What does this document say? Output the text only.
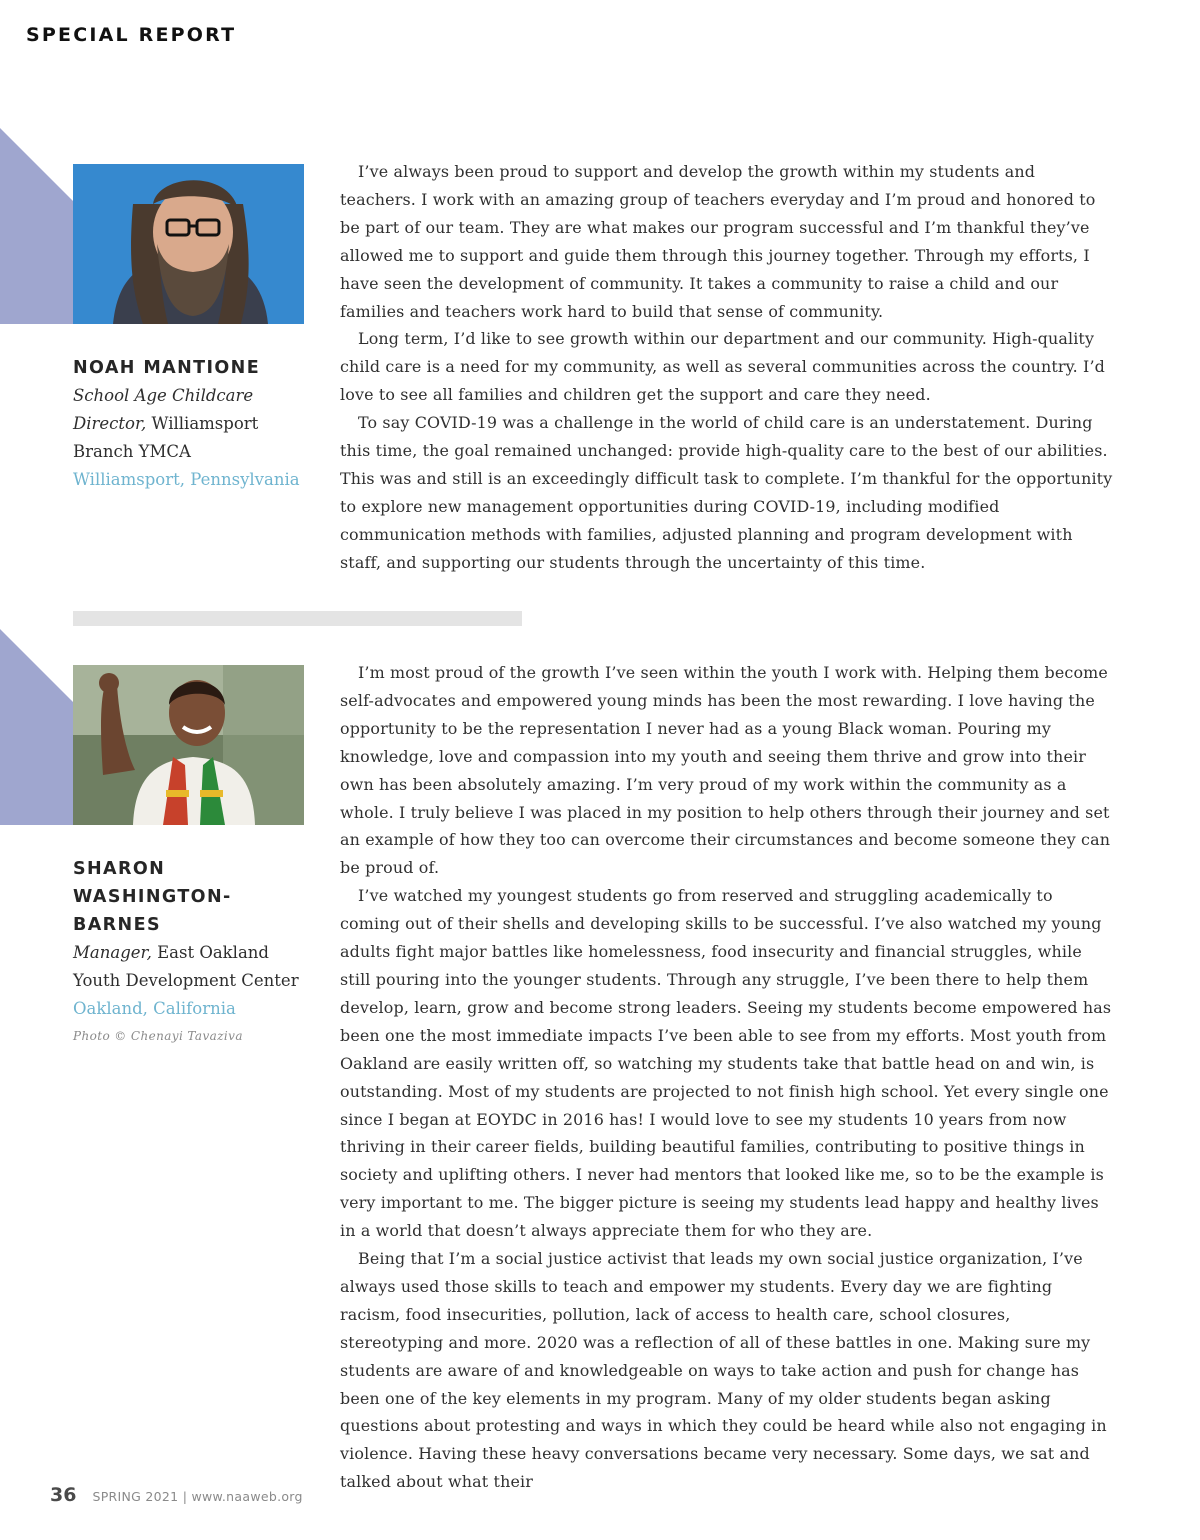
SPECIAL REPORT
NOAH MANTIONE
School Age Childcare
Director, Williamsport
Branch YMCA
Williamsport, Pennsylvania

I’ve always been proud to support and develop the growth within my students and teachers. I work with an amazing group of teachers everyday and I’m proud and honored to be part of our team. They are what makes our program successful and I’m thankful they’ve allowed me to support and guide them through this journey together. Through my efforts, I have seen the development of community. It takes a community to raise a child and our families and teachers work hard to build that sense of community.

Long term, I’d like to see growth within our department and our community. High-quality child care is a need for my community, as well as several communities across the country. I’d love to see all families and children get the support and care they need.

To say COVID-19 was a challenge in the world of child care is an understatement. During this time, the goal remained unchanged: provide high-quality care to the best of our abilities. This was and still is an exceedingly difficult task to complete. I’m thankful for the opportunity to explore new management opportunities during COVID-19, including modified communication methods with families, adjusted planning and program development with staff, and supporting our students through the uncertainty of this time.

SHARON
WASHINGTON-BARNES
Manager, East Oakland
Youth Development Center
Oakland, California
Photo © Chenayi Tavaziva

I’m most proud of the growth I’ve seen within the youth I work with. Helping them become self-advocates and empowered young minds has been the most rewarding. I love having the opportunity to be the representation I never had as a young Black woman. Pouring my knowledge, love and compassion into my youth and seeing them thrive and grow into their own has been absolutely amazing. I’m very proud of my work within the community as a whole. I truly believe I was placed in my position to help others through their journey and set an example of how they too can overcome their circumstances and become someone they can be proud of.

I’ve watched my youngest students go from reserved and struggling academically to coming out of their shells and developing skills to be successful. I’ve also watched my young adults fight major battles like homelessness, food insecurity and financial struggles, while still pouring into the younger students. Through any struggle, I’ve been there to help them develop, learn, grow and become strong leaders. Seeing my students become empowered has been one the most immediate impacts I’ve been able to see from my efforts. Most youth from Oakland are easily written off, so watching my students take that battle head on and win, is outstanding. Most of my students are projected to not finish high school. Yet every single one since I began at EOYDC in 2016 has! I would love to see my students 10 years from now thriving in their career fields, building beautiful families, contributing to positive things in society and uplifting others. I never had mentors that looked like me, so to be the example is very important to me. The bigger picture is seeing my students lead happy and healthy lives in a world that doesn’t always appreciate them for who they are.

Being that I’m a social justice activist that leads my own social justice organization, I’ve always used those skills to teach and empower my students. Every day we are fighting racism, food insecurities, pollution, lack of access to health care, school closures, stereotyping and more. 2020 was a reflection of all of these battles in one. Making sure my students are aware of and knowledgeable on ways to take action and push for change has been one of the key elements in my program. Many of my older students began asking questions about protesting and ways in which they could be heard while also not engaging in violence. Having these heavy conversations became very necessary. Some days, we sat and talked about what their

36 SPRING 2021 | www.naaweb.org
